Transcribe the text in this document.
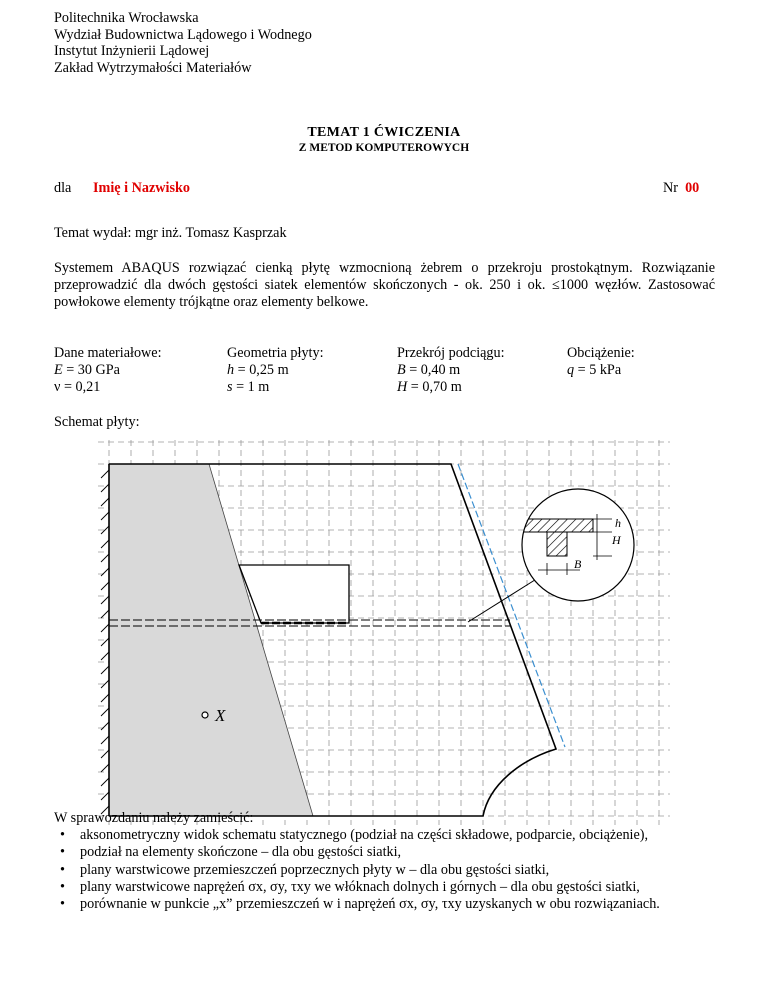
Politechnika Wrocławska
Wydział Budownictwa Lądowego i Wodnego
Instytut Inżynierii Lądowej
Zakład Wytrzymałości Materiałów
TEMAT 1 ĆWICZENIA
Z METOD KOMPUTEROWYCH
dla Imię i Nazwisko	Nr 00
Temat wydał: mgr inż. Tomasz Kasprzak
Systemem ABAQUS rozwiązać cienką płytę wzmocnioną żebrem o przekroju prostokątnym. Rozwiązanie przeprowadzić dla dwóch gęstości siatek elementów skończonych - ok. 250 i ok. ≤1000 węzłów. Zastosować powłokowe elementy trójkątne oraz elementy belkowe.
Dane materiałowe:
E = 30 GPa
ν = 0,21
Geometria płyty:
h = 0,25 m
s = 1 m
Przekrój podciągu:
B = 0,40 m
H = 0,70 m
Obciążenie:
q = 5 kPa
Schemat płyty:
h
H
B
X
W sprawozdaniu należy zamieścić:
• aksonometryczny widok schematu statycznego (podział na części składowe, podparcie, obciążenie),
• podział na elementy skończone – dla obu gęstości siatki,
• plany warstwicowe przemieszczeń poprzecznych płyty w – dla obu gęstości siatki,
• plany warstwicowe naprężeń σx, σy, τxy we włóknach dolnych i górnych – dla obu gęstości siatki,
• porównanie w punkcie „x” przemieszczeń w i naprężeń σx, σy, τxy uzyskanych w obu rozwiązaniach.
